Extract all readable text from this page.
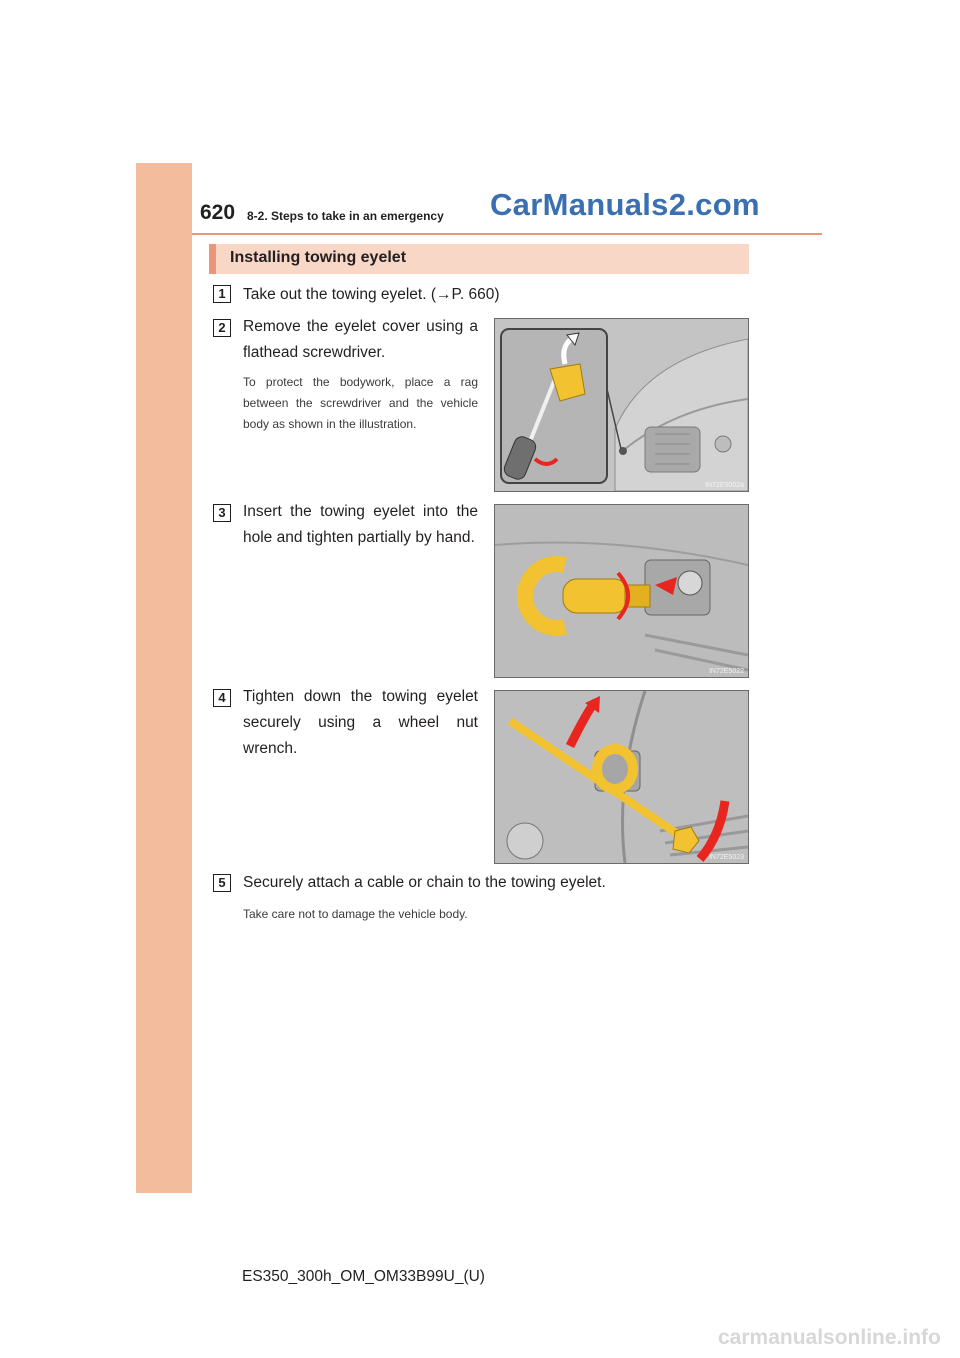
620 8-2. Steps to take in an emergency CarManuals2.com
Installing towing eyelet
1	Take out the towing eyelet. (→P. 660)
2	Remove the eyelet cover using a flathead screwdriver.
To protect the bodywork, place a rag between the screwdriver and the vehicle body as shown in the illustration.
IN72E5002a
3	Insert the towing eyelet into the hole and tighten partially by hand.
IN72E5022
4	Tighten down the towing eyelet securely using a wheel nut wrench.
IN72E5023
5	Securely attach a cable or chain to the towing eyelet.
Take care not to damage the vehicle body.
ES350_300h_OM_OM33B99U_(U)
carmanualsonline.info
